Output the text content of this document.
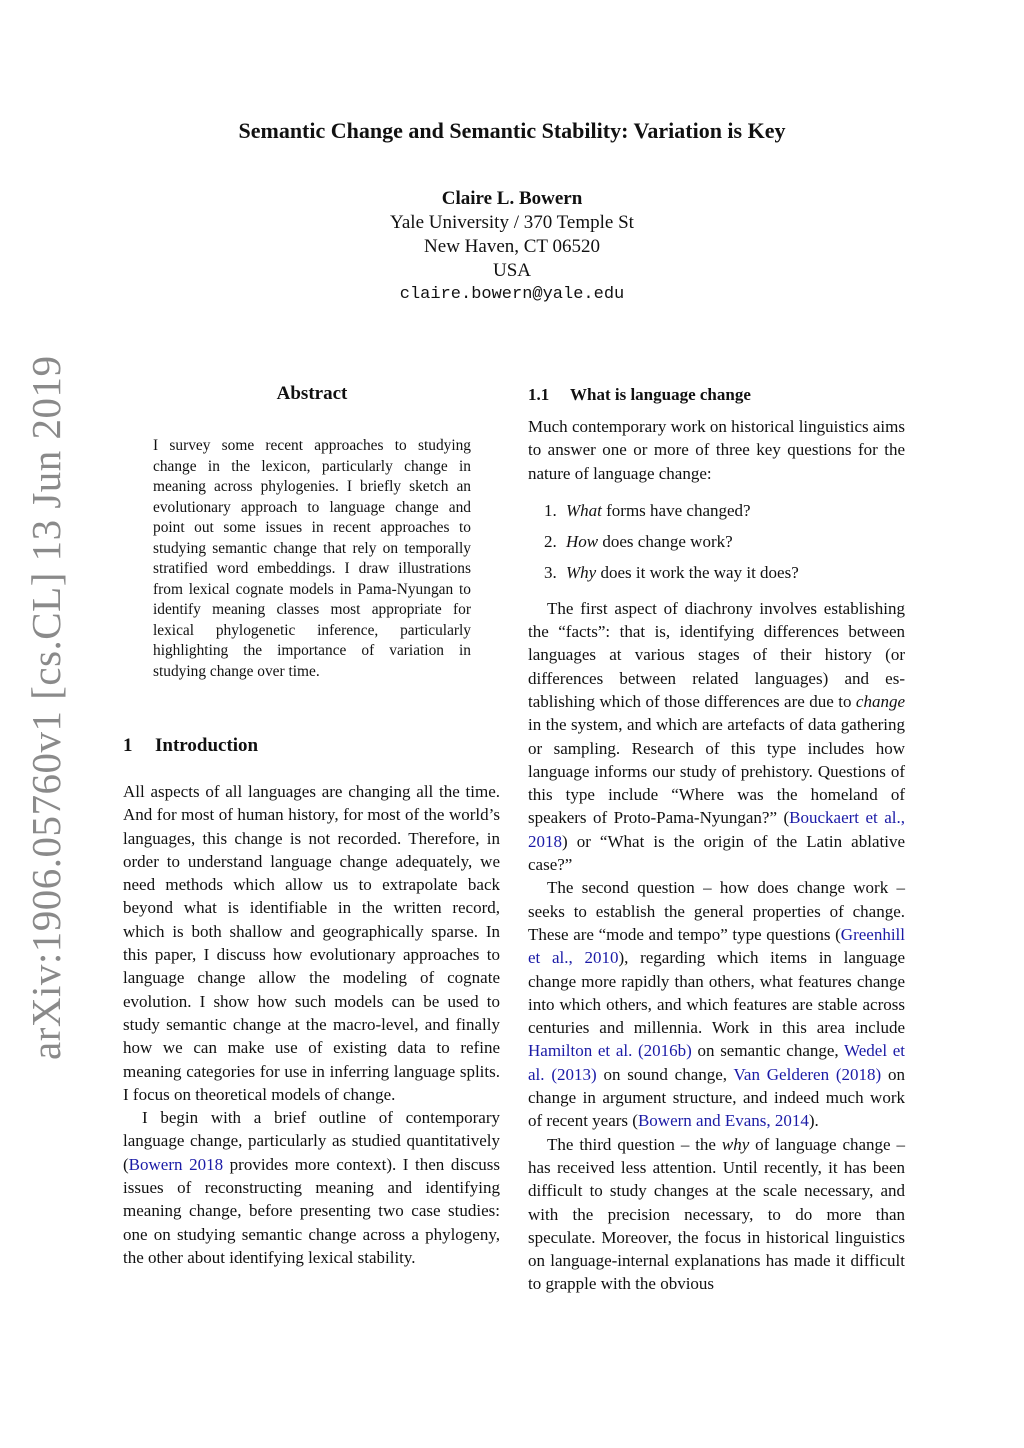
Semantic Change and Semantic Stability: Variation is Key
Claire L. Bowern
Yale University / 370 Temple St
New Haven, CT 06520
USA
claire.bowern@yale.edu
arXiv:1906.05760v1 [cs.CL] 13 Jun 2019	Abstract

I survey some recent approaches to studying change in the lexicon, particularly change in meaning across phylogenies. I briefly sketch an evolutionary approach to language change and point out some issues in recent approaches to studying semantic change that rely on temporally stratified word embeddings. I draw illustrations from lexical cognate models in Pama-Nyungan to identify meaning classes most appropriate for lexical phylogenetic inference, particularly highlighting the importance of variation in studying change over time.

1 Introduction

All aspects of all languages are changing all the time. And for most of human history, for most of the world’s languages, this change is not recorded. Therefore, in order to understand language change adequately, we need methods which allow us to extrapolate back beyond what is identifiable in the written record, which is both shallow and geographically sparse. In this paper, I discuss how evolutionary approaches to language change allow the modeling of cognate evolution. I show how such models can be used to study semantic change at the macro-level, and finally how we can make use of existing data to refine meaning categories for use in inferring language splits. I focus on theoretical models of change.

I begin with a brief outline of contemporary language change, particularly as studied quantitatively (Bowern 2018 provides more context). I then discuss issues of reconstructing meaning and identifying meaning change, before presenting two case studies: one on studying semantic change across a phylogeny, the other about identifying lexical stability.

1.1 What is language change

Much contemporary work on historical linguistics aims to answer one or more of three key questions for the nature of language change:

1. What forms have changed?
2. How does change work?
3. Why does it work the way it does?

The first aspect of diachrony involves establishing the “facts”: that is, identifying differences between languages at various stages of their history (or differences between related languages) and establishing which of those differences are due to change in the system, and which are artefacts of data gathering or sampling. Research of this type includes how language informs our study of prehistory. Questions of this type include “Where was the homeland of speakers of Proto-Pama-Nyungan?” (Bouckaert et al., 2018) or “What is the origin of the Latin ablative case?”

The second question – how does change work – seeks to establish the general properties of change. These are “mode and tempo” type questions (Greenhill et al., 2010), regarding which items in language change more rapidly than others, what features change into which others, and which features are stable across centuries and millennia. Work in this area include Hamilton et al. (2016b) on semantic change, Wedel et al. (2013) on sound change, Van Gelderen (2018) on change in argument structure, and indeed much work of recent years (Bowern and Evans, 2014).

The third question – the why of language change – has received less attention. Until recently, it has been difficult to study changes at the scale necessary, and with the precision necessary, to do more than speculate. Moreover, the focus in historical linguistics on language-internal explanations has made it difficult to grapple with the obvious
